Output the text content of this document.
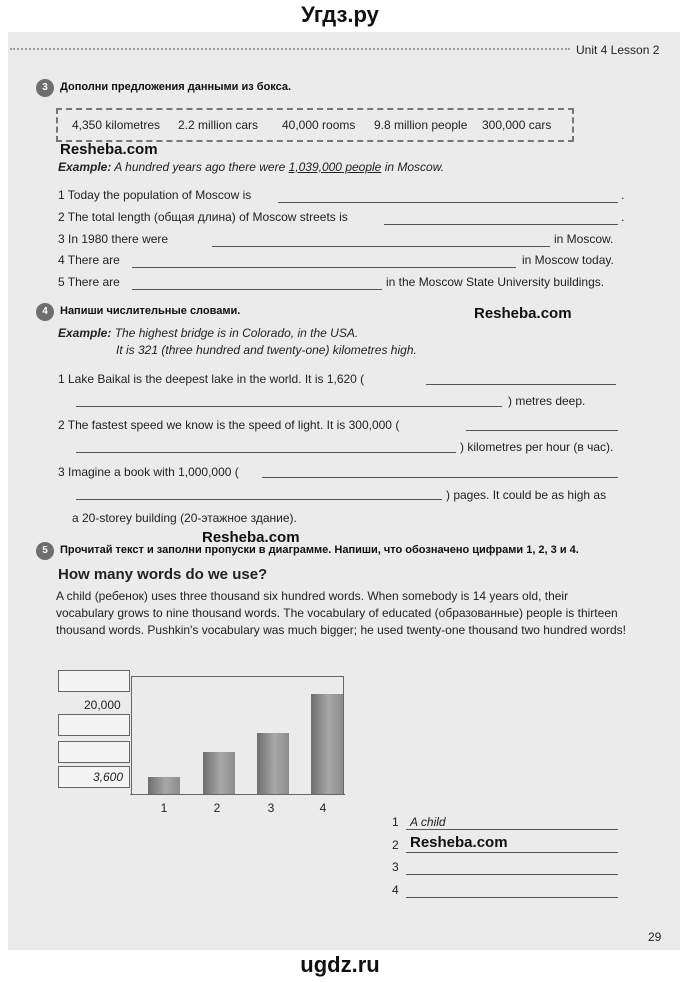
Угдз.ру
Unit 4 Lesson 2
3	Дополни предложения данными из бокса.
4,350 kilometres 2.2 million cars 40,000 rooms 9.8 million people 300,000 cars
Resheba.com
Example: A hundred years ago there were 1,039,000 people in Moscow.
1 Today the population of Moscow is	.
2 The total length (общая длина) of Moscow streets is	.
3 In 1980 there were	in Moscow.
4 There are	in Moscow today.
5 There are	in the Moscow State University buildings.
4	Напиши числительные словами.	Resheba.com
Example: The highest bridge is in Colorado, in the USA.
It is 321 (three hundred and twenty-one) kilometres high.
1 Lake Baikal is the deepest lake in the world. It is 1,620 (
) metres deep.
2 The fastest speed we know is the speed of light. It is 300,000 (
) kilometres per hour (в час).
3 Imagine a book with 1,000,000 (
) pages. It could be as high as
a 20-storey building (20-этажное здание).
Resheba.com
5	Прочитай текст и заполни пропуски в диаграмме. Напиши, что обозначено цифрами 1, 2, 3 и 4.
How many words do we use?
A child (ребенок) uses three thousand six hundred words. When somebody is 14 years old, their vocabulary grows to nine thousand words. The vocabulary of educated (образованные) people is thirteen thousand words. Pushkin's vocabulary was much bigger; he used twenty-one thousand two hundred words!
20,000
3,600
1	2	3	4
1 A child
2 Resheba.com
3
4
29
ugdz.ru
